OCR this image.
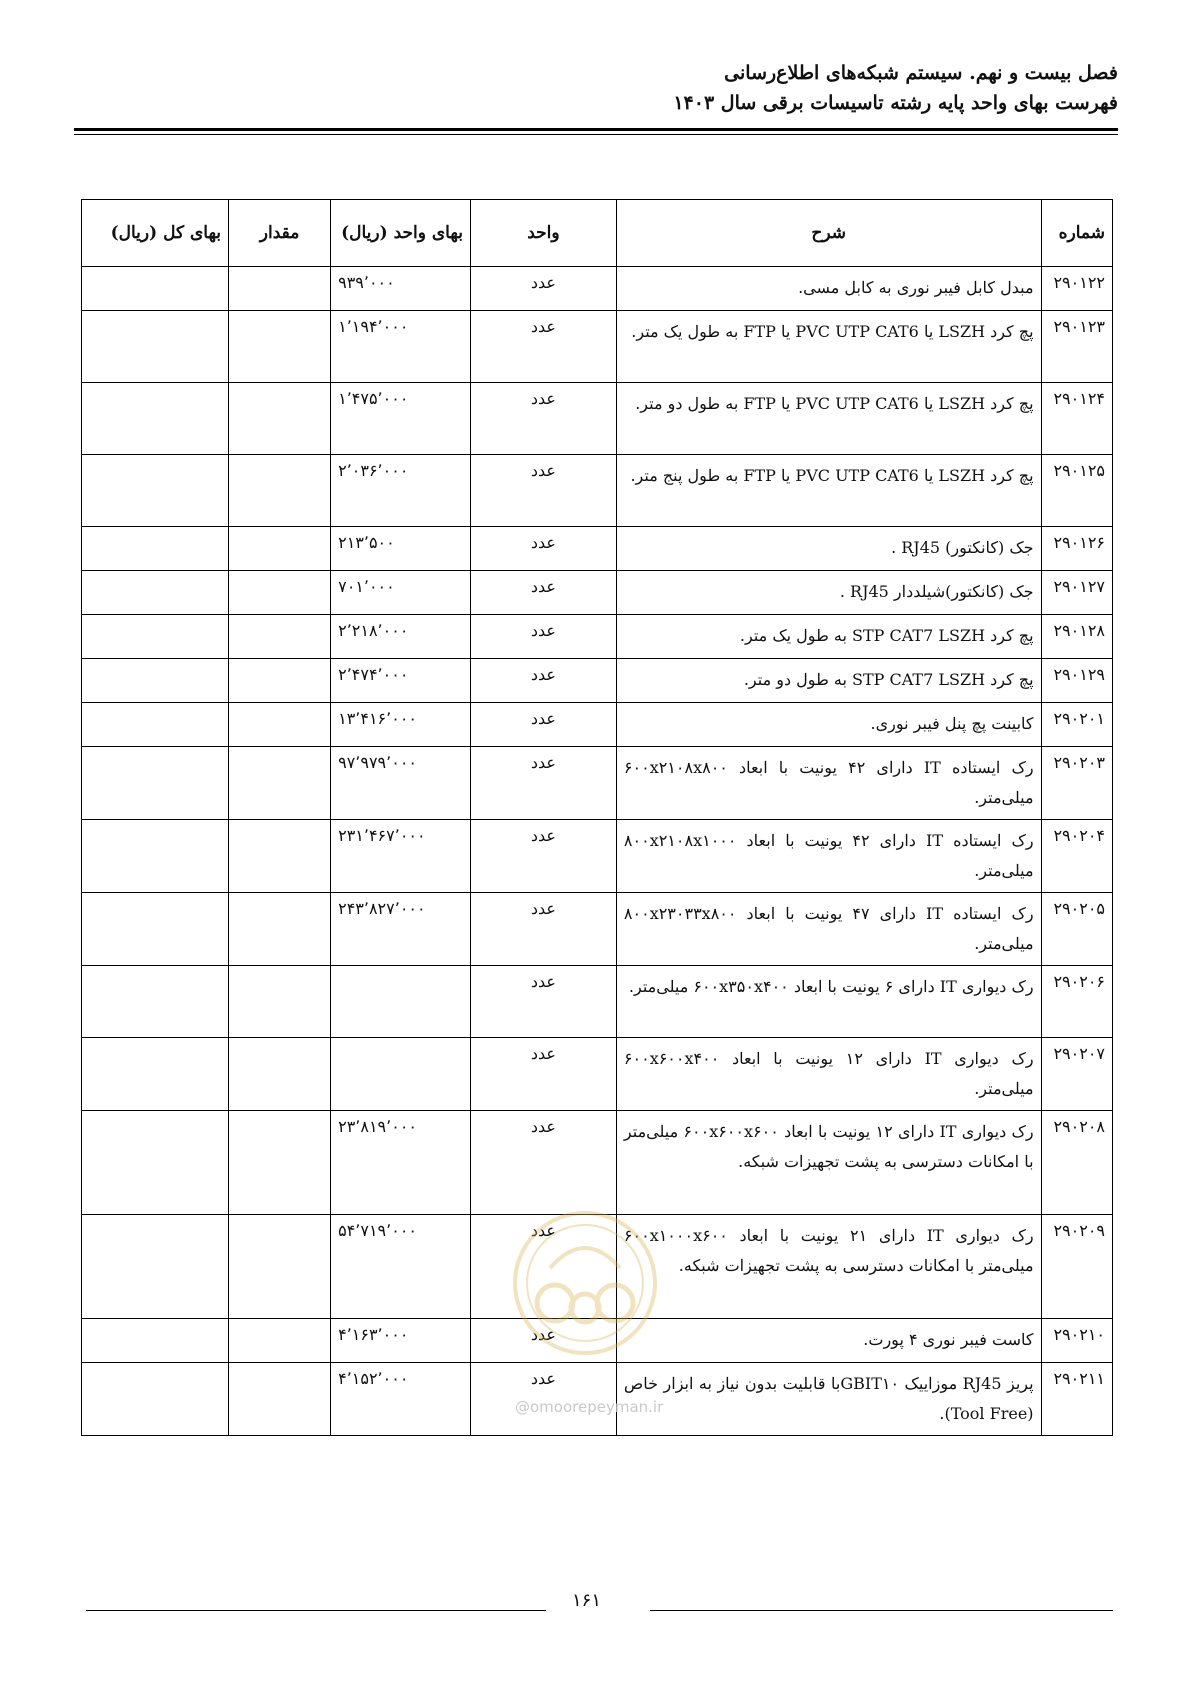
فصل بیست و نهم. سیستم شبکه‌های اطلاع‌رسانی
فهرست بهای واحد پایه رشته تاسیسات برقی سال ۱۴۰۳
شماره	شرح	واحد	بهای واحد (ریال)	مقدار	بهای کل (ریال)
۲۹۰۱۲۲	مبدل کابل فیبر نوری به کابل مسی.	عدد	۹۳۹٬۰۰۰		
۲۹۰۱۲۳	پچ کرد LSZH یا PVC UTP CAT6 یا FTP به طول یک متر.	عدد	۱٬۱۹۴٬۰۰۰		
۲۹۰۱۲۴	پچ کرد LSZH یا PVC UTP CAT6 یا FTP به طول دو متر.	عدد	۱٬۴۷۵٬۰۰۰		
۲۹۰۱۲۵	پچ کرد LSZH یا PVC UTP CAT6 یا FTP به طول پنج متر.	عدد	۲٬۰۳۶٬۰۰۰		
۲۹۰۱۲۶	جک (کانکتور) RJ45 .	عدد	۲۱۳٬۵۰۰		
۲۹۰۱۲۷	جک (کانکتور)شیلددار RJ45 .	عدد	۷۰۱٬۰۰۰		
۲۹۰۱۲۸	پچ کرد STP CAT7 LSZH به طول یک متر.	عدد	۲٬۲۱۸٬۰۰۰		
۲۹۰۱۲۹	پچ کرد STP CAT7 LSZH به طول دو متر.	عدد	۲٬۴۷۴٬۰۰۰		
۲۹۰۲۰۱	کابینت پچ پنل فیبر نوری.	عدد	۱۳٬۴۱۶٬۰۰۰		
۲۹۰۲۰۳	رک ایستاده IT دارای ۴۲ یونیت با ابعاد ۶۰۰x۲۱۰۸x۸۰۰ میلی‌متر.	عدد	۹۷٬۹۷۹٬۰۰۰		
۲۹۰۲۰۴	رک ایستاده IT دارای ۴۲ یونیت با ابعاد ۸۰۰x۲۱۰۸x۱۰۰۰ میلی‌متر.	عدد	۲۳۱٬۴۶۷٬۰۰۰		
۲۹۰۲۰۵	رک ایستاده IT دارای ۴۷ یونیت با ابعاد ۸۰۰x۲۳۰۳۳x۸۰۰ میلی‌متر.	عدد	۲۴۳٬۸۲۷٬۰۰۰		
۲۹۰۲۰۶	رک دیواری IT دارای ۶ یونیت با ابعاد ۶۰۰x۳۵۰x۴۰۰ میلی‌متر.	عدد			
۲۹۰۲۰۷	رک دیواری IT دارای ۱۲ یونیت با ابعاد ۶۰۰x۶۰۰x۴۰۰ میلی‌متر.	عدد			
۲۹۰۲۰۸	رک دیواری IT دارای ۱۲ یونیت با ابعاد ۶۰۰x۶۰۰x۶۰۰ میلی‌متر با امکانات دسترسی به پشت تجهیزات شبکه.	عدد	۲۳٬۸۱۹٬۰۰۰		
۲۹۰۲۰۹	رک دیواری IT دارای ۲۱ یونیت با ابعاد ۶۰۰x۱۰۰۰x۶۰۰ میلی‌متر با امکانات دسترسی به پشت تجهیزات شبکه.	عدد	۵۴٬۷۱۹٬۰۰۰		
۲۹۰۲۱۰	کاست فیبر نوری ۴ پورت.	عدد	۴٬۱۶۳٬۰۰۰		
۲۹۰۲۱۱	پریز RJ45 موزاییک GBIT۱۰با قابلیت بدون نیاز به ابزار خاص (Tool Free).	عدد	۴٬۱۵۲٬۰۰۰		
@omoorepeyman.ir
۱۶۱
